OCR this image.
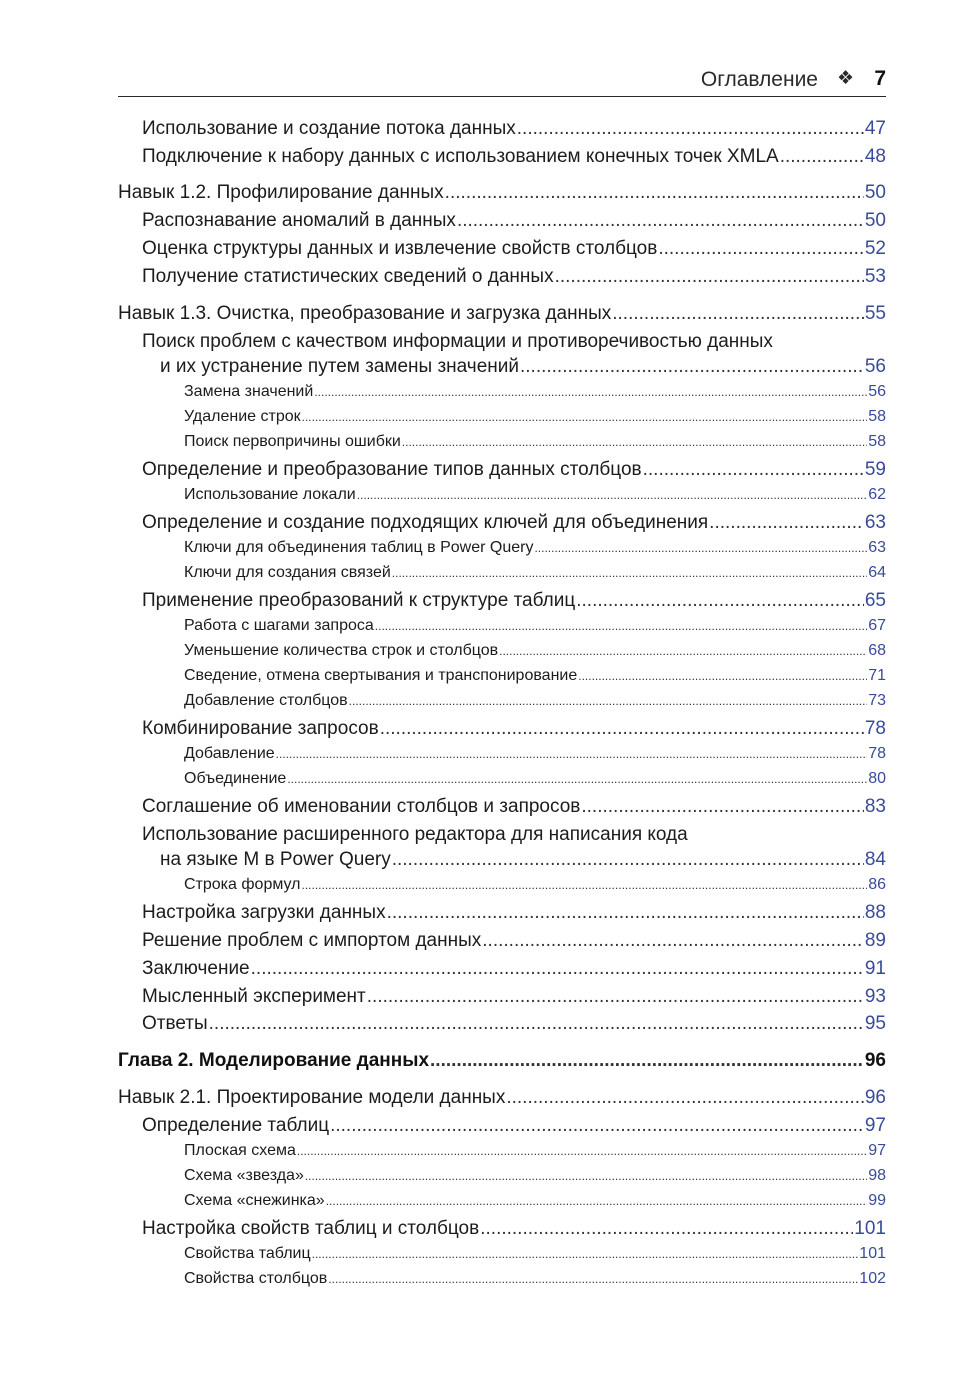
Оглавление ❖ 7
Использование и создание потока данных .....	47
Подключение к набору данных с использованием конечных точек XMLA .....	48
Навык 1.2. Профилирование данных .....	50
Распознавание аномалий в данных .....	50
Оценка структуры данных и извлечение свойств столбцов .....	52
Получение статистических сведений о данных .....	53
Навык 1.3. Очистка, преобразование и загрузка данных .....	55
Поиск проблем с качеством информации и противоречивостью данных
и их устранение путем замены значений .....	56
Замена значений .....	56
Удаление строк .....	58
Поиск первопричины ошибки .....	58
Определение и преобразование типов данных столбцов .....	59
Использование локали .....	62
Определение и создание подходящих ключей для объединения .....	63
Ключи для объединения таблиц в Power Query .....	63
Ключи для создания связей .....	64
Применение преобразований к структуре таблиц .....	65
Работа с шагами запроса .....	67
Уменьшение количества строк и столбцов .....	68
Сведение, отмена свертывания и транспонирование .....	71
Добавление столбцов .....	73
Комбинирование запросов .....	78
Добавление .....	78
Объединение .....	80
Соглашение об именовании столбцов и запросов .....	83
Использование расширенного редактора для написания кода
на языке M в Power Query .....	84
Строка формул .....	86
Настройка загрузки данных .....	88
Решение проблем с импортом данных .....	89
Заключение .....	91
Мысленный эксперимент .....	93
Ответы .....	95
Глава 2. Моделирование данных .....	96
Навык 2.1. Проектирование модели данных .....	96
Определение таблиц .....	97
Плоская схема .....	97
Схема «звезда» .....	98
Схема «снежинка» .....	99
Настройка свойств таблиц и столбцов .....	101
Свойства таблиц .....	101
Свойства столбцов .....	102
